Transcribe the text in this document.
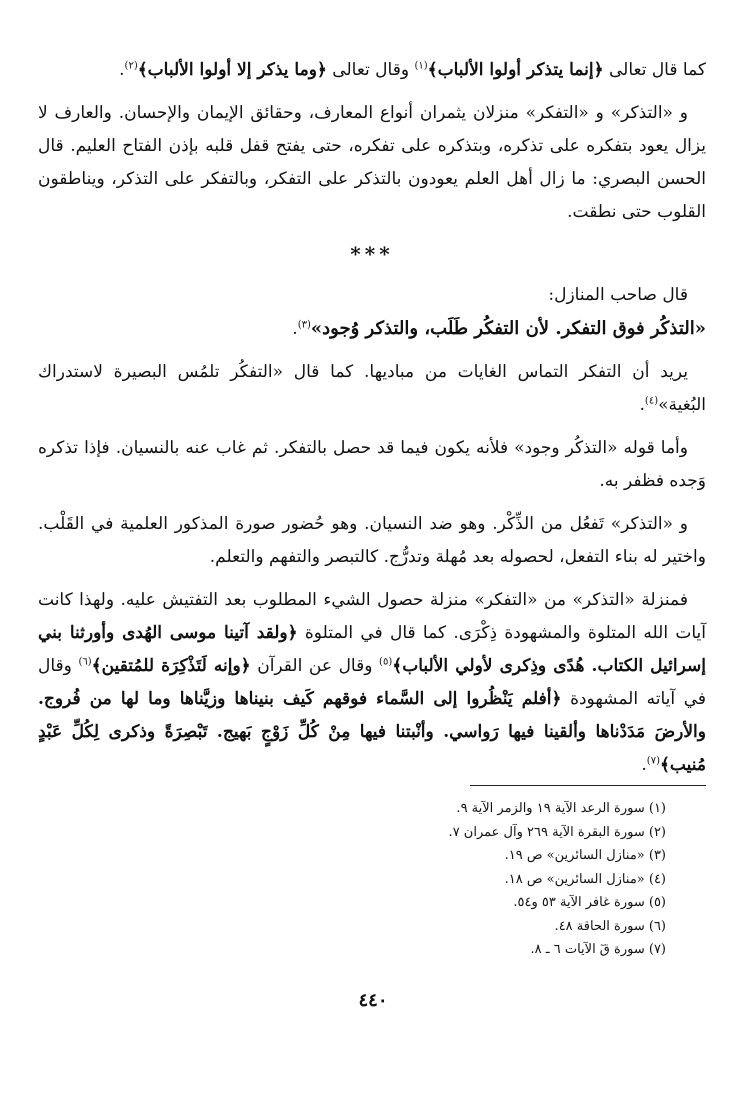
كما قال تعالى ﴿إنما يتذكر أولوا الألباب﴾$^{(١)}$ وقال تعالى ﴿وما يذكر إلا أولوا الألباب﴾$^{(٢)}$.

و «التذكر» و «التفكر» منزلان يثمران أنواع المعارف، وحقائق الإيمان والإحسان. والعارف لا يزال يعود بتفكره على تذكره، وبتذكره على تفكره، حتى يفتح قفل قلبه بإذن الفتاح العليم. قال الحسن البصري: ما زال أهل العلم يعودون بالتذكر على التفكر، وبالتفكر على التذكر، ويناطقون القلوب حتى نطقت.

***

قال صاحب المنازل:

«التذكُر فوق التفكر. لأن التفكُر طَلَب، والتذكر وُجود»$^{(٣)}$.

يريد أن التفكر التماس الغايات من مباديها. كما قال «التفكُر تلمُس البصيرة لاستدراك البُغية»$^{(٤)}$.

وأما قوله «التذكُر وجود» فلأنه يكون فيما قد حصل بالتفكر. ثم غاب عنه بالنسيان. فإذا تذكره وَجده فظفر به.

و «التذكر» تَفعُل من الذِّكْر. وهو ضد النسيان. وهو حُضور صورة المذكور العلمية في القَلْب. واختير له بناء التفعل، لحصوله بعد مُهلة وتدرُّج. كالتبصر والتفهم والتعلم.

فمنزلة «التذكر» من «التفكر» منزلة حصول الشيء المطلوب بعد التفتيش عليه. ولهذا كانت آيات الله المتلوة والمشهودة ذِكْرَى. كما قال في المتلوة ﴿ولقد آتينا موسى الهُدى وأورثنا بني إسرائيل الكتاب. هُدًى وذِكرى لأولي الألباب﴾$^{(٥)}$ وقال عن القرآن ﴿وإنه لَتَذْكِرَة للمُتقين﴾$^{(٦)}$ وقال في آياته المشهودة ﴿أفلم يَنْظُروا إلى السَّماء فوقهم كَيف بنيناها وزيَّناها وما لها من فُروج. والأرضَ مَدَدْناها وألقينا فيها رَواسي. وأنْبتنا فيها مِنْ كُلِّ زَوْجٍ بَهيج. تَبْصِرَةً وذكرى لِكُلِّ عَبْدٍ مُنيب﴾$^{(٧)}$.

(١) سورة الرعد الآية ١٩ والزمر الآية ٩.
(٢) سورة البقرة الآية ٢٦٩ وآل عمران ٧.
(٣) «منازل السائرين» ص ١٩.
(٤) «منازل السائرين» ص ١٨.
(٥) سورة غافر الآية ٥٣ و٥٤.
(٦) سورة الحاقة ٤٨.
(٧) سورة قٓ الآيات ٦ ـ ٨.
٤٤٠
